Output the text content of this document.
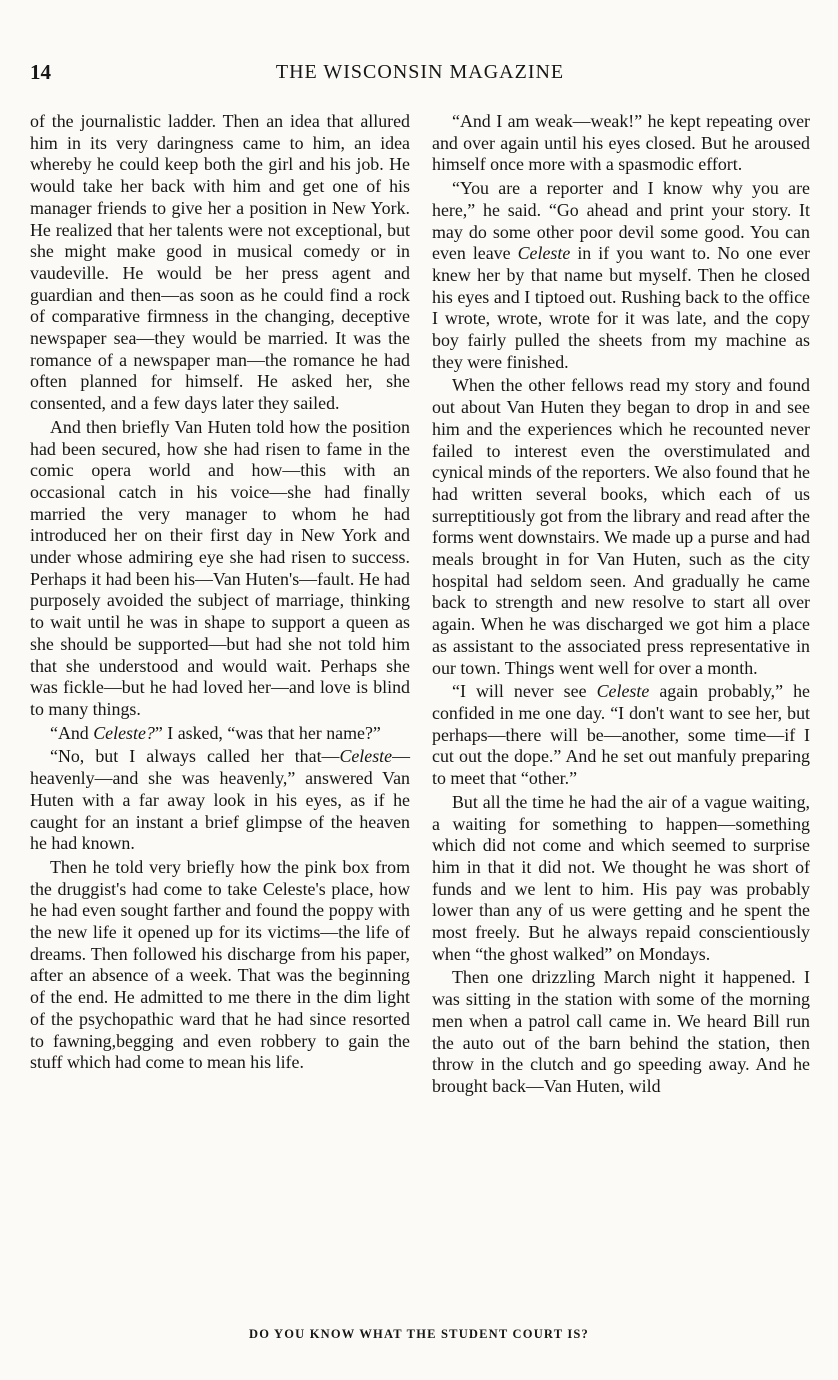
14	THE WISCONSIN MAGAZINE

of the journalistic ladder. Then an idea that allured him in its very daringness came to him, an idea whereby he could keep both the girl and his job. He would take her back with him and get one of his manager friends to give her a position in New York. He realized that her talents were not exceptional, but she might make good in musical comedy or in vaudeville. He would be her press agent and guardian and then—as soon as he could find a rock of comparative firmness in the changing, deceptive newspaper sea—they would be married. It was the romance of a newspaper man—the romance he had often planned for himself. He asked her, she consented, and a few days later they sailed.

And then briefly Van Huten told how the position had been secured, how she had risen to fame in the comic opera world and how—this with an occasional catch in his voice—she had finally married the very manager to whom he had introduced her on their first day in New York and under whose admiring eye she had risen to success. Perhaps it had been his—Van Huten's—fault. He had purposely avoided the subject of marriage, thinking to wait until he was in shape to support a queen as she should be supported—but had she not told him that she understood and would wait. Perhaps she was fickle—but he had loved her—and love is blind to many things.

“And Celeste?” I asked, “was that her name?”

“No, but I always called her that—Celeste—heavenly—and she was heavenly,” answered Van Huten with a far away look in his eyes, as if he caught for an instant a brief glimpse of the heaven he had known.

Then he told very briefly how the pink box from the druggist's had come to take Celeste's place, how he had even sought farther and found the poppy with the new life it opened up for its victims—the life of dreams. Then followed his discharge from his paper, after an absence of a week. That was the beginning of the end. He admitted to me there in the dim light of the psychopathic ward that he had since resorted to fawning,begging and even robbery to gain the stuff which had come to mean his life.

“And I am weak—weak!” he kept repeating over and over again until his eyes closed. But he aroused himself once more with a spasmodic effort.

“You are a reporter and I know why you are here,” he said. “Go ahead and print your story. It may do some other poor devil some good. You can even leave Celeste in if you want to. No one ever knew her by that name but myself. Then he closed his eyes and I tiptoed out. Rushing back to the office I wrote, wrote, wrote for it was late, and the copy boy fairly pulled the sheets from my machine as they were finished.

When the other fellows read my story and found out about Van Huten they began to drop in and see him and the experiences which he recounted never failed to interest even the overstimulated and cynical minds of the reporters. We also found that he had written several books, which each of us surreptitiously got from the library and read after the forms went downstairs. We made up a purse and had meals brought in for Van Huten, such as the city hospital had seldom seen. And gradually he came back to strength and new resolve to start all over again. When he was discharged we got him a place as assistant to the associated press representative in our town. Things went well for over a month.

“I will never see Celeste again probably,” he confided in me one day. “I don't want to see her, but perhaps—there will be—another, some time—if I cut out the dope.” And he set out manfuly preparing to meet that “other.”

But all the time he had the air of a vague waiting, a waiting for something to happen—something which did not come and which seemed to surprise him in that it did not. We thought he was short of funds and we lent to him. His pay was probably lower than any of us were getting and he spent the most freely. But he always repaid conscientiously when “the ghost walked” on Mondays.

Then one drizzling March night it happened. I was sitting in the station with some of the morning men when a patrol call came in. We heard Bill run the auto out of the barn behind the station, then throw in the clutch and go speeding away. And he brought back—Van Huten, wild

DO YOU KNOW WHAT THE STUDENT COURT IS?
